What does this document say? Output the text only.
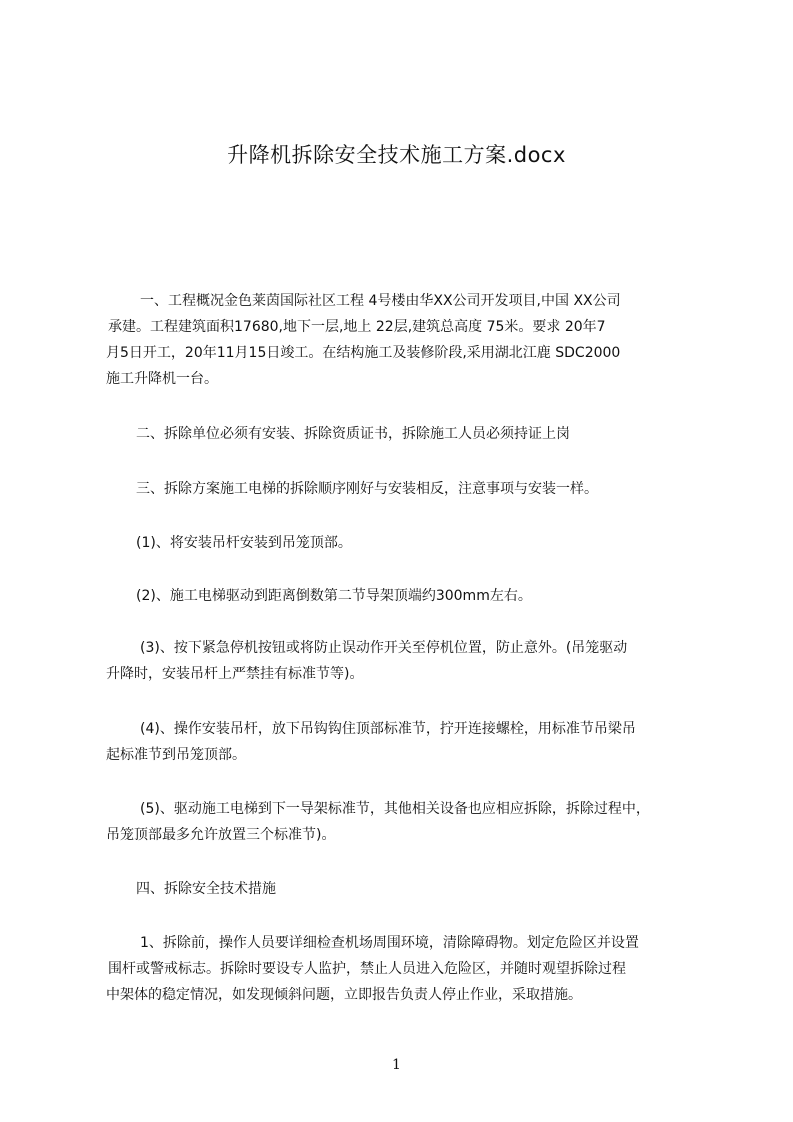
升降机拆除安全技术施工方案.docx
一、工程概况金色莱茵国际社区工程 4号楼由华XX公司开发项目,中国 XX公司
承建。工程建筑面积17680,地下一层,地上 22层,建筑总高度 75米。要求 20年7
月5日开工，20年11月15日竣工。在结构施工及装修阶段,采用湖北江鹿 SDC2000
施工升降机一台。
二、拆除单位必须有安装、拆除资质证书，拆除施工人员必须持证上岗
三、拆除方案施工电梯的拆除顺序刚好与安装相反，注意事项与安装一样。
(1)、将安装吊杆安装到吊笼顶部。
(2)、施工电梯驱动到距离倒数第二节导架顶端约300mm左右。
(3)、按下紧急停机按钮或将防止误动作开关至停机位置，防止意外。(吊笼驱动
升降时，安装吊杆上严禁挂有标准节等)。
(4)、操作安装吊杆，放下吊钩钩住顶部标准节，拧开连接螺栓，用标准节吊梁吊
起标准节到吊笼顶部。
(5)、驱动施工电梯到下一导架标准节，其他相关设备也应相应拆除，拆除过程中，
吊笼顶部最多允许放置三个标准节)。
四、拆除安全技术措施
1、拆除前，操作人员要详细检查机场周围环境，清除障碍物。划定危险区并设置
围杆或警戒标志。拆除时要设专人监护，禁止人员进入危险区，并随时观望拆除过程
中架体的稳定情况，如发现倾斜问题，立即报告负责人停止作业，采取措施。
1
